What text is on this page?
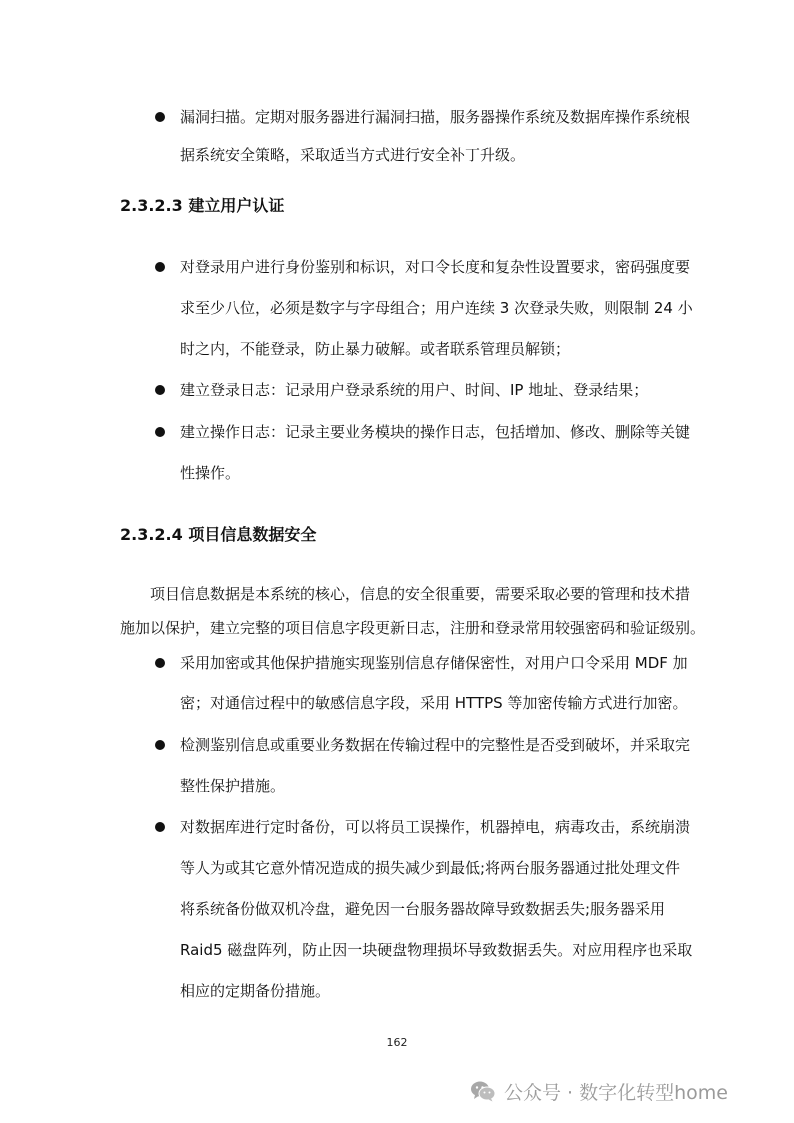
漏洞扫描。定期对服务器进行漏洞扫描，服务器操作系统及数据库操作系统根
据系统安全策略，采取适当方式进行安全补丁升级。
2.3.2.3 建立用户认证
对登录用户进行身份鉴别和标识，对口令长度和复杂性设置要求，密码强度要
求至少八位，必须是数字与字母组合；用户连续 3 次登录失败，则限制 24 小
时之内，不能登录，防止暴力破解。或者联系管理员解锁；
建立登录日志：记录用户登录系统的用户、时间、IP 地址、登录结果；
建立操作日志：记录主要业务模块的操作日志，包括增加、修改、删除等关键
性操作。
2.3.2.4 项目信息数据安全
项目信息数据是本系统的核心，信息的安全很重要，需要采取必要的管理和技术措
施加以保护，建立完整的项目信息字段更新日志，注册和登录常用较强密码和验证级别。
采用加密或其他保护措施实现鉴别信息存储保密性，对用户口令采用 MDF 加
密；对通信过程中的敏感信息字段，采用 HTTPS 等加密传输方式进行加密。
检测鉴别信息或重要业务数据在传输过程中的完整性是否受到破坏，并采取完
整性保护措施。
对数据库进行定时备份，可以将员工误操作，机器掉电，病毒攻击，系统崩溃
等人为或其它意外情况造成的损失减少到最低;将两台服务器通过批处理文件
将系统备份做双机冷盘，避免因一台服务器故障导致数据丢失;服务器采用
Raid5 磁盘阵列，防止因一块硬盘物理损坏导致数据丢失。对应用程序也采取
相应的定期备份措施。
162
公众号 · 数字化转型home
